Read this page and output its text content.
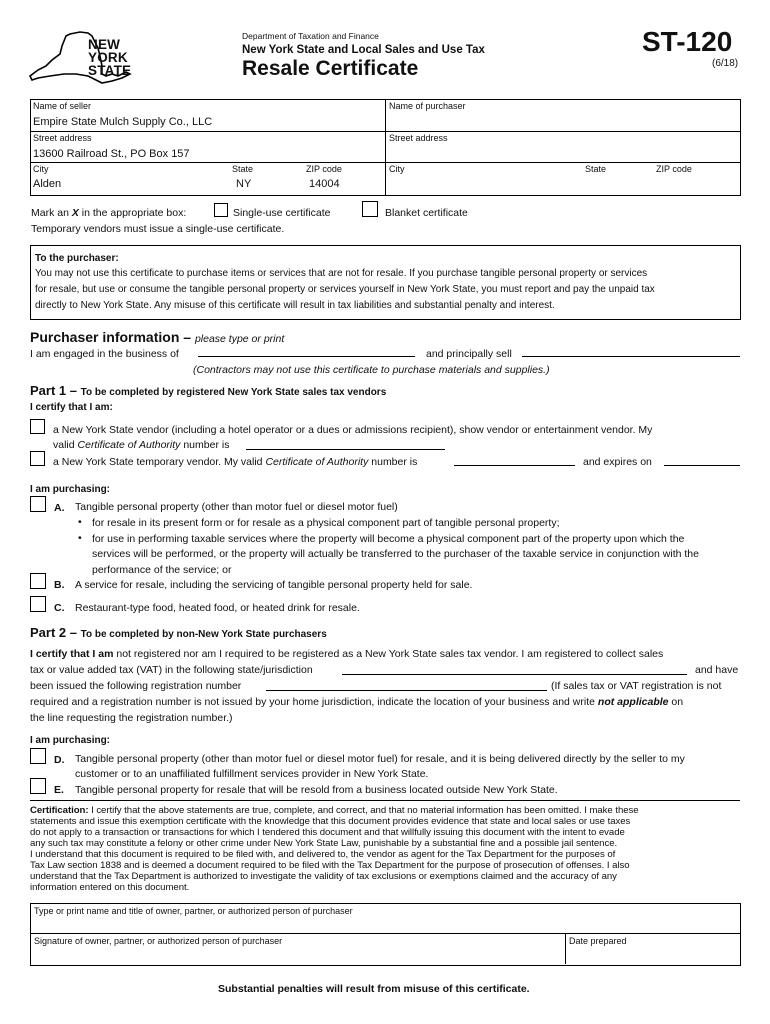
NEW
YORK
STATE
Department of Taxation and Finance
New York State and Local Sales and Use Tax
Resale Certificate
ST-120
(6/18)
Name of seller
Empire State Mulch Supply Co., LLC
Street address
13600 Railroad St., PO Box 157
City
Alden
State
NY
ZIP code
14004
Name of purchaser
Street address
City	State	ZIP code
Mark an X in the appropriate box:	Single-use certificate	Blanket certificate
Temporary vendors must issue a single-use certificate.
To the purchaser:
You may not use this certificate to purchase items or services that are not for resale. If you purchase tangible personal property or services
for resale, but use or consume the tangible personal property or services yourself in New York State, you must report and pay the unpaid tax
directly to New York State. Any misuse of this certificate will result in tax liabilities and substantial penalty and interest.
Purchaser information – please type or print
I am engaged in the business of	and principally sell
(Contractors may not use this certificate to purchase materials and supplies.)
Part 1 – To be completed by registered New York State sales tax vendors
I certify that I am:
a New York State vendor (including a hotel operator or a dues or admissions recipient), show vendor or entertainment vendor. My
valid Certificate of Authority number is
a New York State temporary vendor. My valid Certificate of Authority number is	and expires on
I am purchasing:
A. Tangible personal property (other than motor fuel or diesel motor fuel)
• for resale in its present form or for resale as a physical component part of tangible personal property;
• for use in performing taxable services where the property will become a physical component part of the property upon which the
services will be performed, or the property will actually be transferred to the purchaser of the taxable service in conjunction with the
performance of the service; or
B. A service for resale, including the servicing of tangible personal property held for sale.
C. Restaurant-type food, heated food, or heated drink for resale.
Part 2 – To be completed by non-New York State purchasers
I certify that I am not registered nor am I required to be registered as a New York State sales tax vendor. I am registered to collect sales
tax or value added tax (VAT) in the following state/jurisdiction	and have
been issued the following registration number	(If sales tax or VAT registration is not
required and a registration number is not issued by your home jurisdiction, indicate the location of your business and write not applicable on
the line requesting the registration number.)
I am purchasing:
D. Tangible personal property (other than motor fuel or diesel motor fuel) for resale, and it is being delivered directly by the seller to my
customer or to an unaffiliated fulfillment services provider in New York State.
E. Tangible personal property for resale that will be resold from a business located outside New York State.
Certification: I certify that the above statements are true, complete, and correct, and that no material information has been omitted. I make these
statements and issue this exemption certificate with the knowledge that this document provides evidence that state and local sales or use taxes
do not apply to a transaction or transactions for which I tendered this document and that willfully issuing this document with the intent to evade
any such tax may constitute a felony or other crime under New York State Law, punishable by a substantial fine and a possible jail sentence.
I understand that this document is required to be filed with, and delivered to, the vendor as agent for the Tax Department for the purposes of
Tax Law section 1838 and is deemed a document required to be filed with the Tax Department for the purpose of prosecution of offenses. I also
understand that the Tax Department is authorized to investigate the validity of tax exclusions or exemptions claimed and the accuracy of any
information entered on this document.
Type or print name and title of owner, partner, or authorized person of purchaser
Signature of owner, partner, or authorized person of purchaser	Date prepared
Substantial penalties will result from misuse of this certificate.
